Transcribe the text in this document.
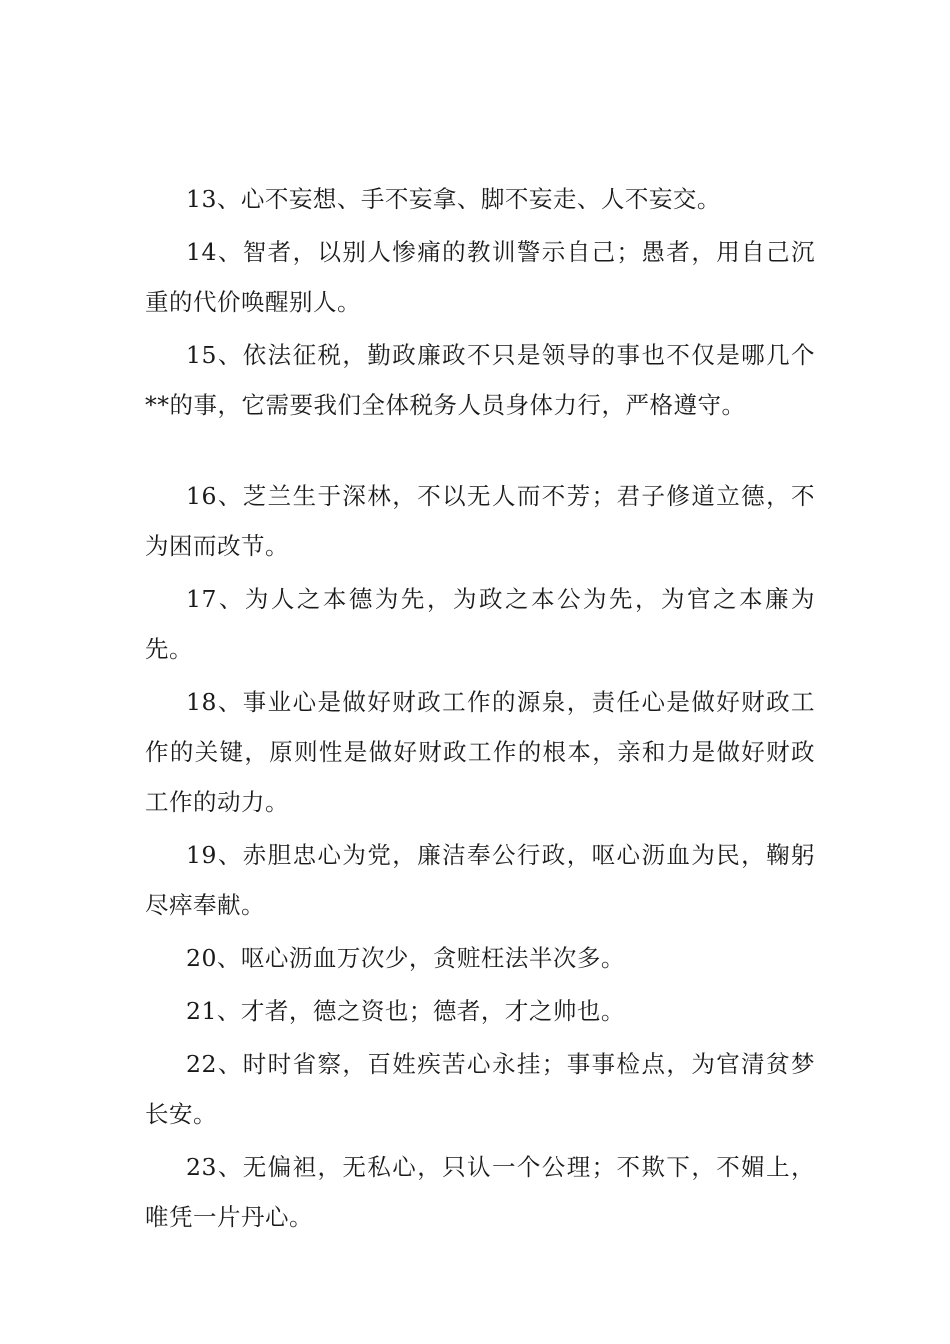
13、心不妄想、手不妄拿、脚不妄走、人不妄交。

14、智者，以别人惨痛的教训警示自己；愚者，用自己沉重的代价唤醒别人。

15、依法征税，勤政廉政不只是领导的事也不仅是哪几个**的事，它需要我们全体税务人员身体力行，严格遵守。

16、芝兰生于深林，不以无人而不芳；君子修道立德，不为困而改节。

17、为人之本德为先，为政之本公为先，为官之本廉为先。

18、事业心是做好财政工作的源泉，责任心是做好财政工作的关键，原则性是做好财政工作的根本，亲和力是做好财政工作的动力。

19、赤胆忠心为党，廉洁奉公行政，呕心沥血为民，鞠躬尽瘁奉献。

20、呕心沥血万次少，贪赃枉法半次多。

21、才者，德之资也；德者，才之帅也。

22、时时省察，百姓疾苦心永挂；事事检点，为官清贫梦长安。

23、无偏袒，无私心，只认一个公理；不欺下，不媚上，唯凭一片丹心。
